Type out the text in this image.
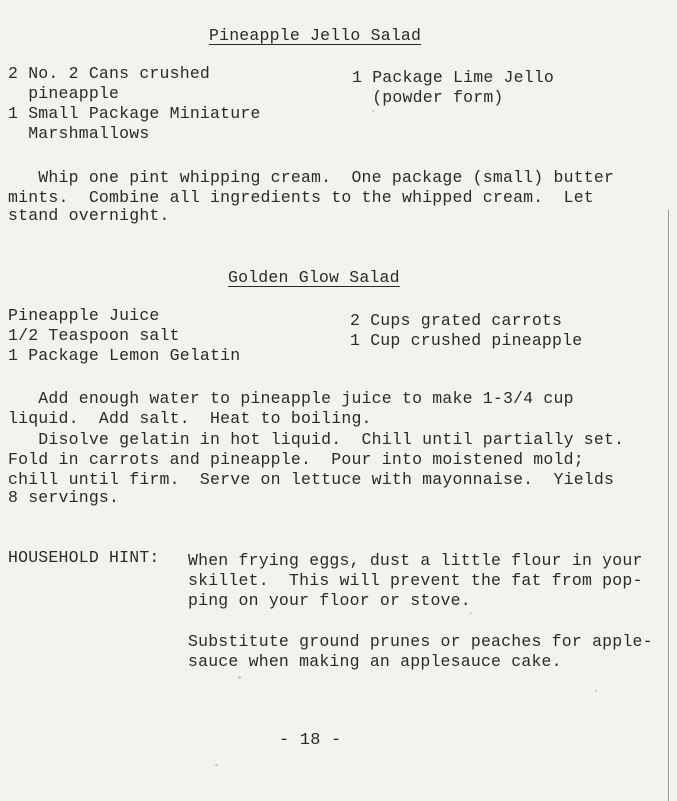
Pineapple Jello Salad
2 No. 2 Cans crushed
pineapple
1 Small Package Miniature
Marshmallows
1 Package Lime Jello
(powder form)
Whip one pint whipping cream.  One package (small) butter
mints.  Combine all ingredients to the whipped cream.  Let
stand overnight.
Golden Glow Salad
Pineapple Juice
1/2 Teaspoon salt
1 Package Lemon Gelatin
2 Cups grated carrots
1 Cup crushed pineapple
Add enough water to pineapple juice to make 1-3/4 cup
liquid.  Add salt.  Heat to boiling.
Disolve gelatin in hot liquid.  Chill until partially set.
Fold in carrots and pineapple.  Pour into moistened mold;
chill until firm.  Serve on lettuce with mayonnaise.  Yields
8 servings.
HOUSEHOLD HINT: When frying eggs, dust a little flour in your
skillet.  This will prevent the fat from pop-
ping on your floor or stove.
Substitute ground prunes or peaches for apple-
sauce when making an applesauce cake.
- 18 -
